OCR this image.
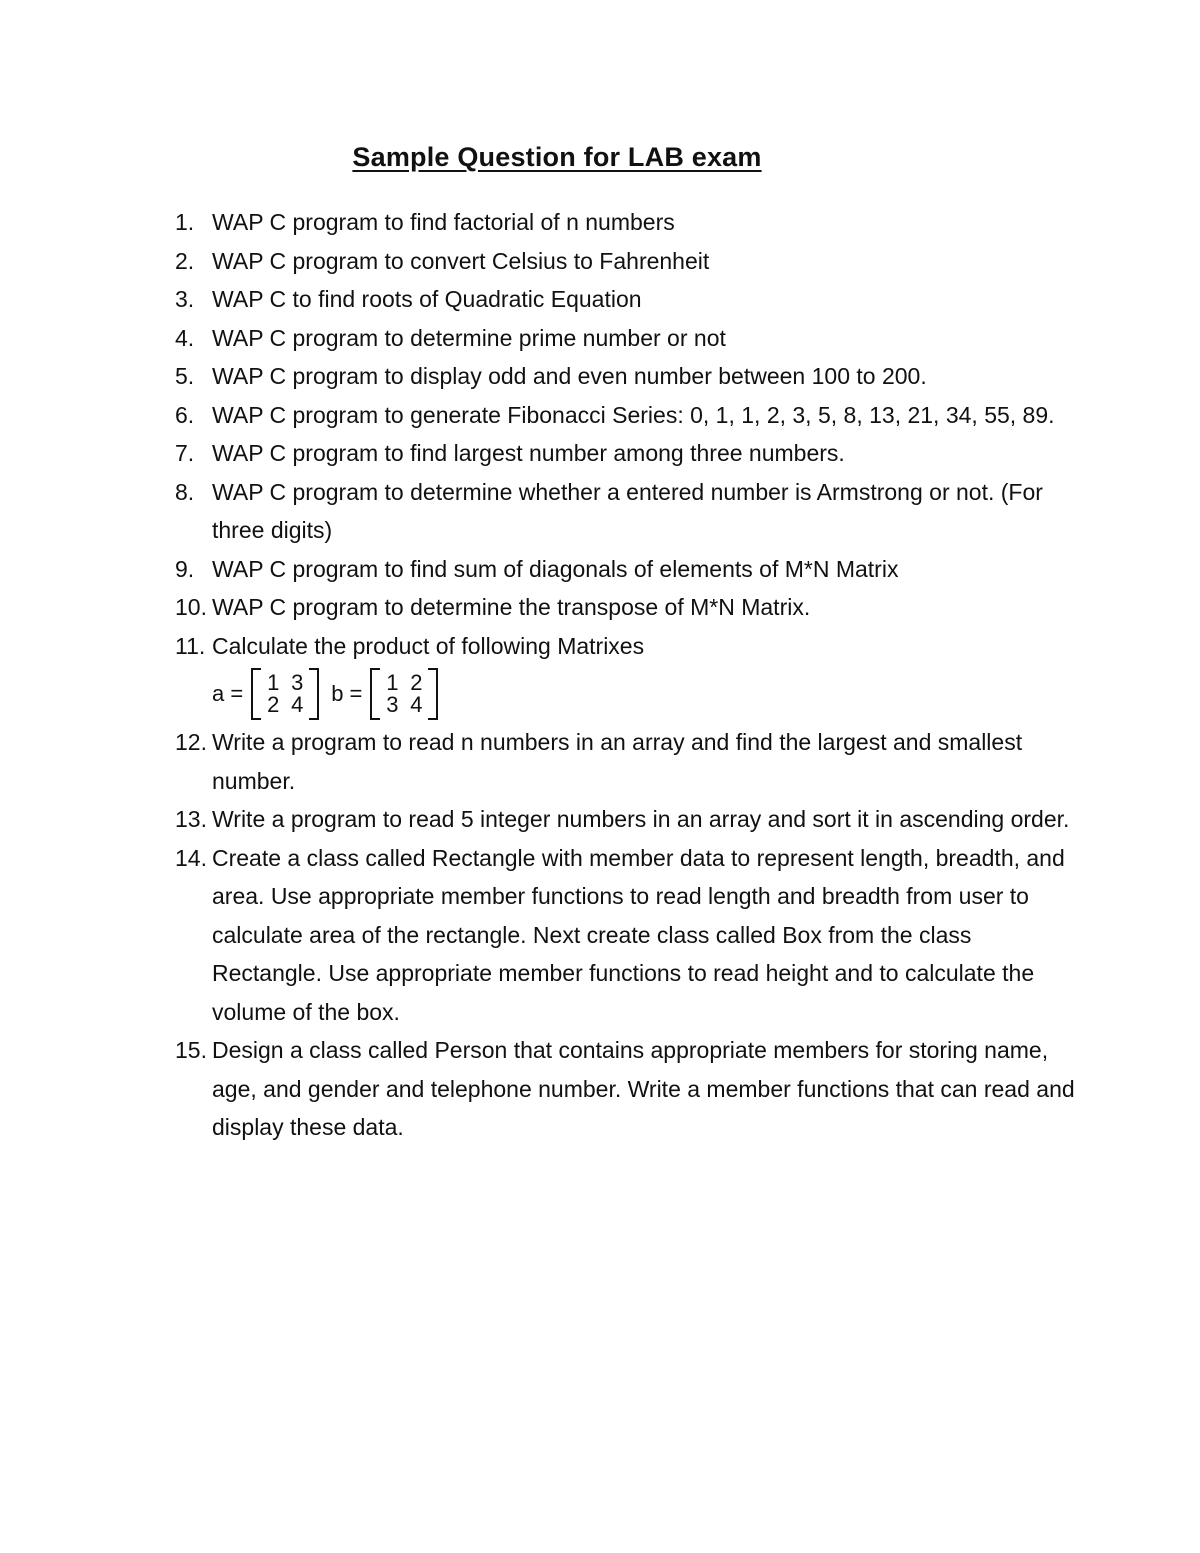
Sample Question for LAB exam
1. WAP C program to find factorial of n numbers
2. WAP C program to convert Celsius to Fahrenheit
3. WAP C to find roots of Quadratic Equation
4. WAP C program to determine prime number or not
5. WAP C program to display odd and even number between 100 to 200.
6. WAP C program to generate Fibonacci Series: 0, 1, 1, 2, 3, 5, 8, 13, 21, 34, 55, 89.
7. WAP C program to find largest number among three numbers.
8. WAP C program to determine whether a entered number is Armstrong or not. (For three digits)
9. WAP C program to find sum of diagonals of elements of M*N Matrix
10. WAP C program to determine the transpose of M*N Matrix.
11. Calculate the product of following Matrixes
a = 1 3
2 4 b = 1 2
3 4
12. Write a program to read n numbers in an array and find the largest and smallest number.
13. Write a program to read 5 integer numbers in an array and sort it in ascending order.
14. Create a class called Rectangle with member data to represent length, breadth, and area. Use appropriate member functions to read length and breadth from user to calculate area of the rectangle. Next create class called Box from the class Rectangle. Use appropriate member functions to read height and to calculate the volume of the box.
15. Design a class called Person that contains appropriate members for storing name, age, and gender and telephone number. Write a member functions that can read and display these data.
